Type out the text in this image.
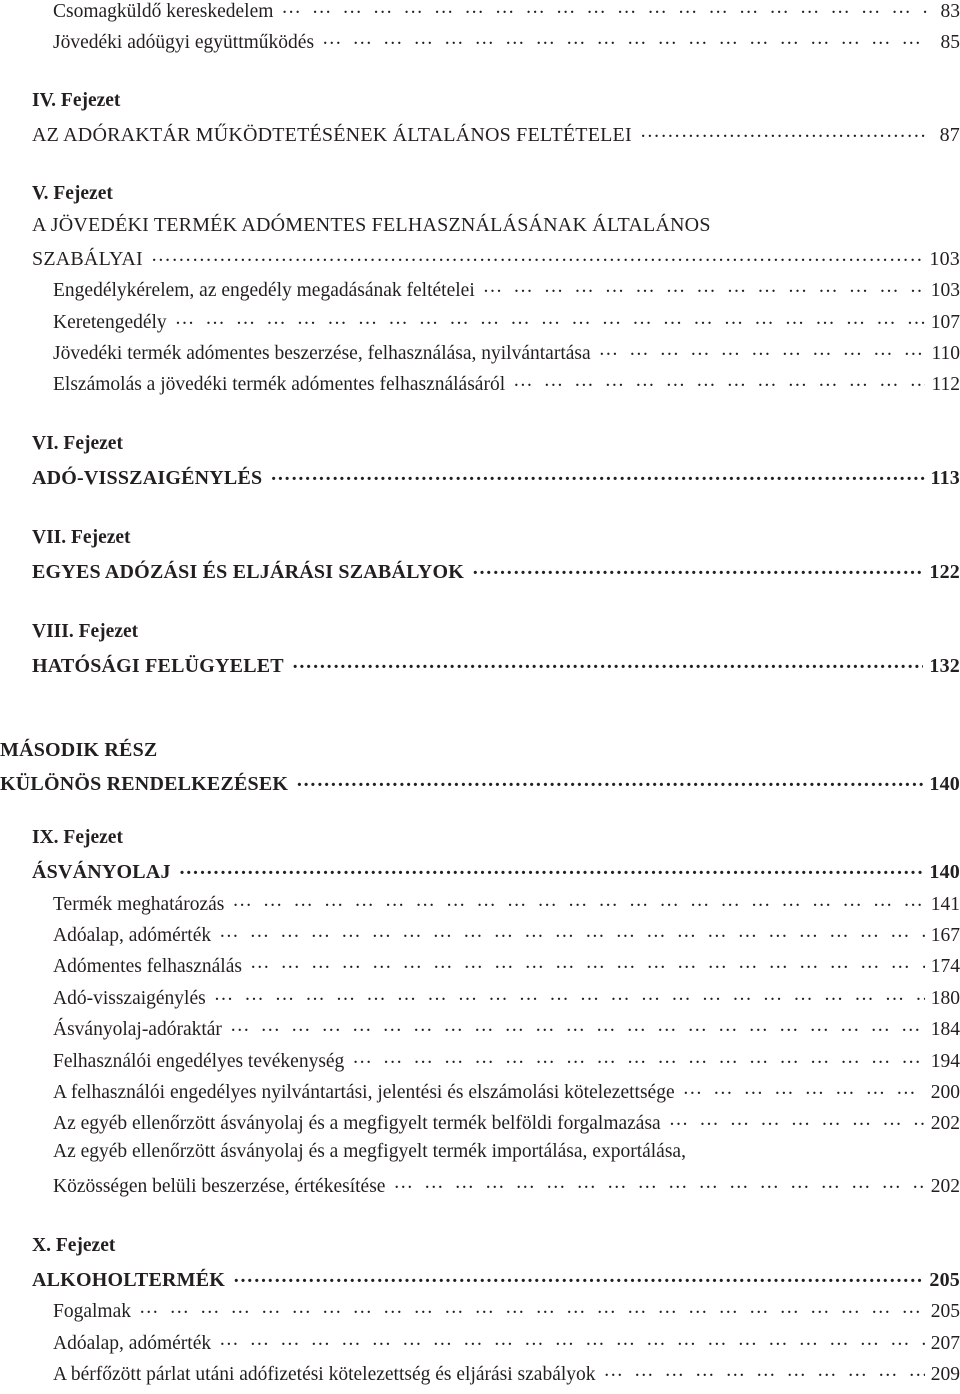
Csomagküldő kereskedelem ……………………………………………………………………………………………………………………………………………………………………………	83
Jövedéki adóügyi együttműködés ……………………………………………………………………………………………………………………………………………………………………………	85
IV. Fejezet
AZ ADÓRAKTÁR MŰKÖDTETÉSÉNEK ÁLTALÁNOS FELTÉTELEI ……………………………………………………………………………………………………………………………………………………………………………	87
V. Fejezet
A JÖVEDÉKI TERMÉK ADÓMENTES FELHASZNÁLÁSÁNAK ÁLTALÁNOS
SZABÁLYAI ……………………………………………………………………………………………………………………………………………………………………………	103
Engedélykérelem, az engedély megadásának feltételei ……………………………………………………………………………………………………………………………………………………………………………	103
Keretengedély ……………………………………………………………………………………………………………………………………………………………………………	107
Jövedéki termék adómentes beszerzése, felhasználása, nyilvántartása ……………………………………………………………………………………………………………………………………………………………………………	110
Elszámolás a jövedéki termék adómentes felhasználásáról ……………………………………………………………………………………………………………………………………………………………………………	112
VI. Fejezet
ADÓ-VISSZAIGÉNYLÉS ……………………………………………………………………………………………………………………………………………………………………………	113
VII. Fejezet
EGYES ADÓZÁSI ÉS ELJÁRÁSI SZABÁLYOK ……………………………………………………………………………………………………………………………………………………………………………	122
VIII. Fejezet
HATÓSÁGI FELÜGYELET ……………………………………………………………………………………………………………………………………………………………………………	132
MÁSODIK RÉSZ
KÜLÖNÖS RENDELKEZÉSEK ……………………………………………………………………………………………………………………………………………………………………………	140
IX. Fejezet
ÁSVÁNYOLAJ ……………………………………………………………………………………………………………………………………………………………………………	140
Termék meghatározás ……………………………………………………………………………………………………………………………………………………………………………	141
Adóalap, adómérték ……………………………………………………………………………………………………………………………………………………………………………	167
Adómentes felhasználás ……………………………………………………………………………………………………………………………………………………………………………	174
Adó-visszaigénylés ……………………………………………………………………………………………………………………………………………………………………………	180
Ásványolaj-adóraktár ……………………………………………………………………………………………………………………………………………………………………………	184
Felhasználói engedélyes tevékenység ……………………………………………………………………………………………………………………………………………………………………………	194
A felhasználói engedélyes nyilvántartási, jelentési és elszámolási kötelezettsége ……………………………………………………………………………………………………………………………………………………………………………	200
Az egyéb ellenőrzött ásványolaj és a megfigyelt termék belföldi forgalmazása ……………………………………………………………………………………………………………………………………………………………………………	202
Az egyéb ellenőrzött ásványolaj és a megfigyelt termék importálása, exportálása,
Közösségen belüli beszerzése, értékesítése ……………………………………………………………………………………………………………………………………………………………………………	202
X. Fejezet
ALKOHOLTERMÉK ……………………………………………………………………………………………………………………………………………………………………………	205
Fogalmak ……………………………………………………………………………………………………………………………………………………………………………	205
Adóalap, adómérték ……………………………………………………………………………………………………………………………………………………………………………	207
A bérfőzött párlat utáni adófizetési kötelezettség és eljárási szabályok ……………………………………………………………………………………………………………………………………………………………………………	209
